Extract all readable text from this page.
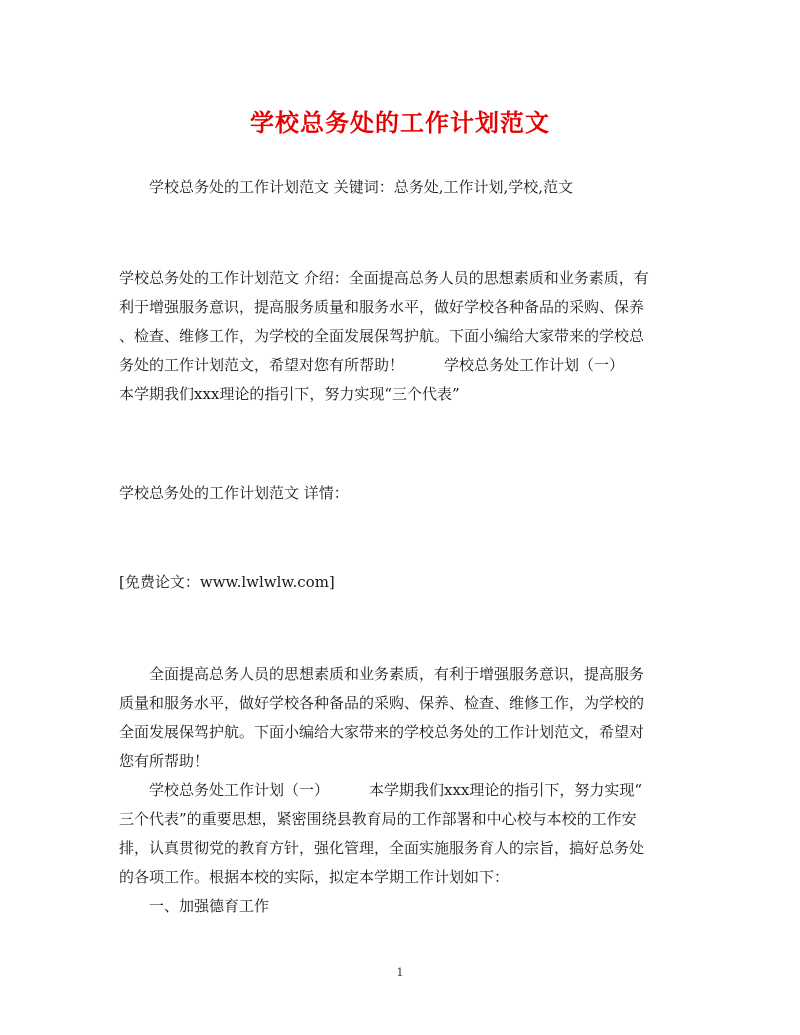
学校总务处的工作计划范文
学校总务处的工作计划范文 关键词：总务处,工作计划,学校,范文
学校总务处的工作计划范文 介绍：全面提高总务人员的思想素质和业务素质，有
利于增强服务意识，提高服务质量和服务水平，做好学校各种备品的采购、保养
、检查、维修工作，为学校的全面发展保驾护航。下面小编给大家带来的学校总
务处的工作计划范文，希望对您有所帮助！	学校总务处工作计划（一）
本学期我们xxx理论的指引下，努力实现“三个代表”
学校总务处的工作计划范文 详情：
[免费论文：www.lwlwlw.com]
全面提高总务人员的思想素质和业务素质，有利于增强服务意识，提高服务
质量和服务水平，做好学校各种备品的采购、保养、检查、维修工作，为学校的
全面发展保驾护航。下面小编给大家带来的学校总务处的工作计划范文，希望对
您有所帮助！
学校总务处工作计划（一）	本学期我们xxx理论的指引下，努力实现“
三个代表”的重要思想，紧密围绕县教育局的工作部署和中心校与本校的工作安
排，认真贯彻党的教育方针，强化管理，全面实施服务育人的宗旨，搞好总务处
的各项工作。根据本校的实际，拟定本学期工作计划如下：
一、加强德育工作
1
